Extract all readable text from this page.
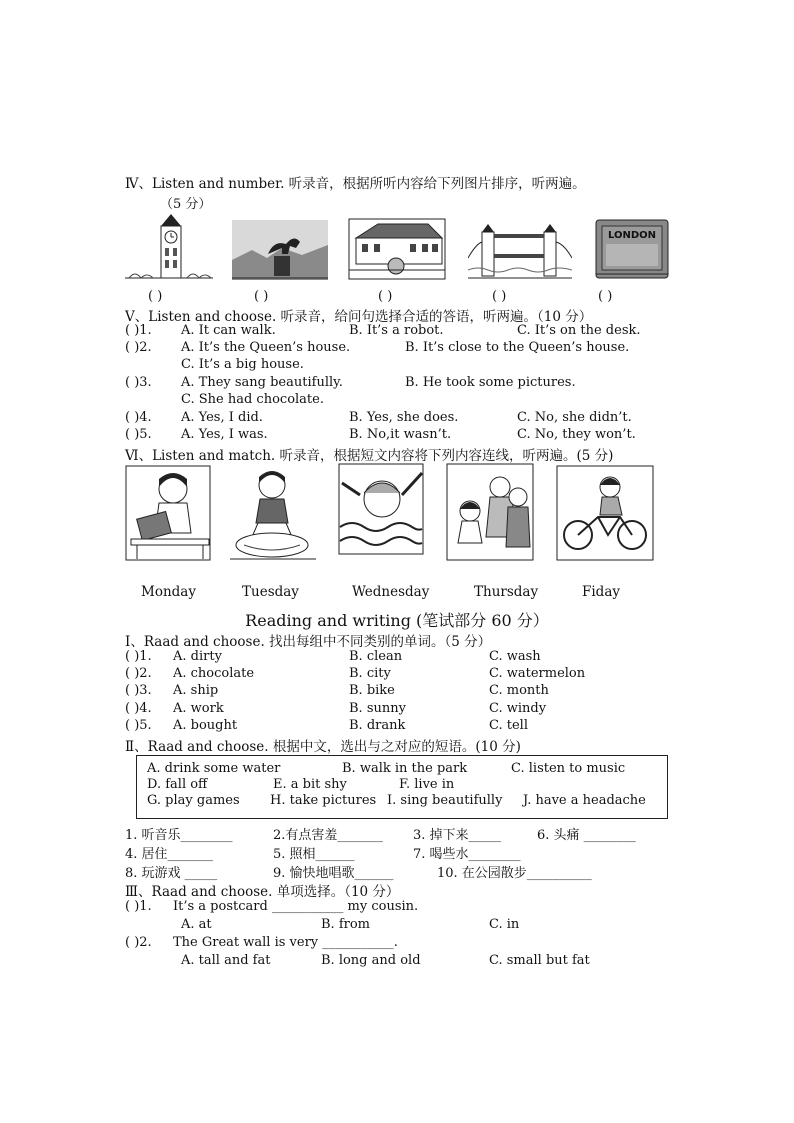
Ⅳ、Listen and number. 听录音，根据所听内容给下列图片排序，听两遍。
（5 分）
LONDON
( )	( )	( )	( )	( )
Ⅴ、Listen and choose. 听录音，给问句选择合适的答语，听两遍。（10 分）
( )1. A. It can walk.	B. It’s a robot.	C. It’s on the desk.
( )2. A. It’s the Queen’s house.	B. It’s close to the Queen’s house.
C. It’s a big house.
( )3. A. They sang beautifully.	B. He took some pictures.
C. She had chocolate.
( )4. A. Yes, I did.	B. Yes, she does.	C. No, she didn’t.
( )5. A. Yes, I was.	B. No,it wasn’t.	C. No, they won’t.
Ⅵ、Listen and match. 听录音，根据短文内容将下列内容连线，听两遍。(5 分)
Monday	Tuesday	Wednesday	Thursday	Fiday
Reading and writing (笔试部分 60 分）
Ⅰ、Raad and choose. 找出每组中不同类别的单词。（5 分）
( )1. A. dirty	B. clean	C. wash
( )2. A. chocolate	B. city	C. watermelon
( )3. A. ship	B. bike	C. month
( )4. A. work	B. sunny	C. windy
( )5. A. bought	B. drank	C. tell
Ⅱ、Raad and choose. 根据中文，选出与之对应的短语。(10 分)
A. drink some water	B. walk in the park	C. listen to music
D. fall off	E. a bit shy	F. live in
G. play games H. take pictures I. sing beautifully J. have a headache
1. 听音乐________	2.有点害羞_______ 3. 掉下来_____	6. 头痛 ________
4. 居住_______	5. 照相______	7. 喝些水________
8. 玩游戏 _____	9. 愉快地唱歌______	10. 在公园散步__________
Ⅲ、Raad and choose. 单项选择。（10 分）
( )1. It’s a postcard ___________ my cousin.
A. at	B. from	C. in
( )2. The Great wall is very ___________.
A. tall and fat	B. long and old	C. small but fat
